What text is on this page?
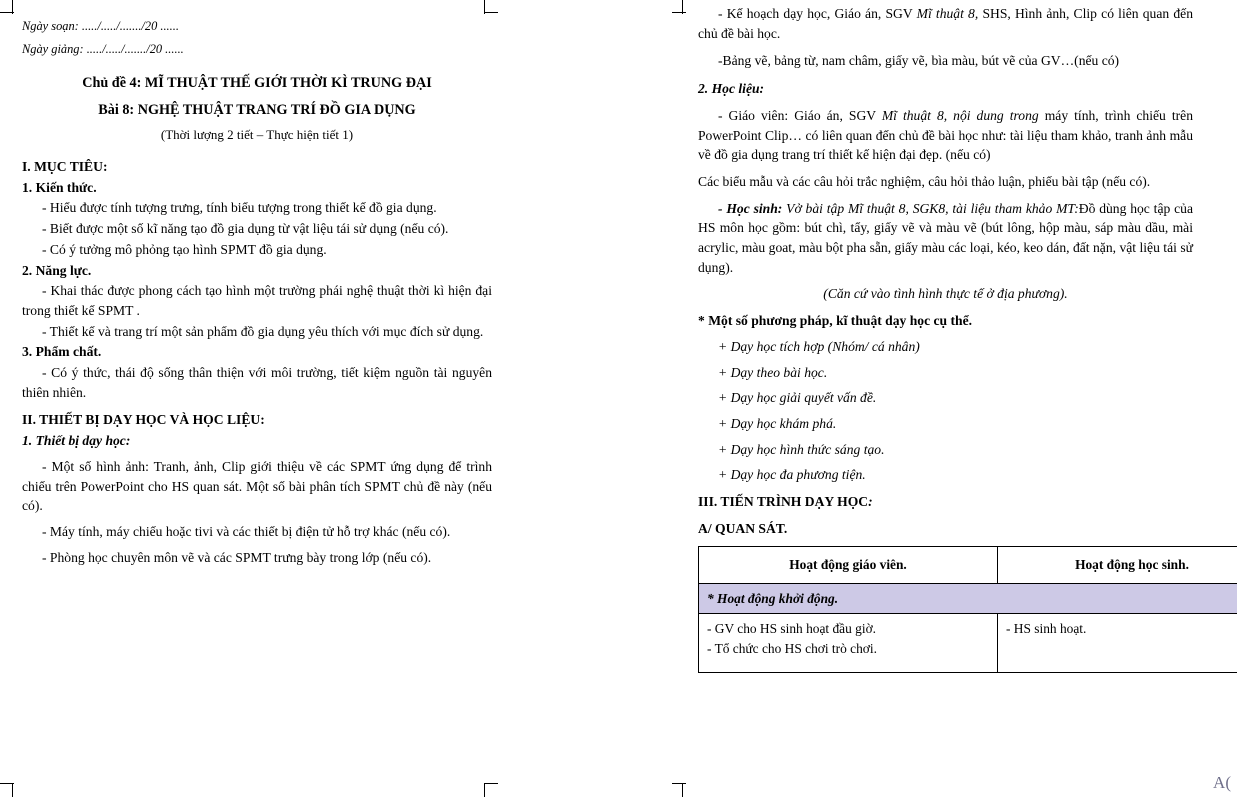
Ngày soạn: ...../...../......./20 ......

Ngày giảng: ...../...../......./20 ......

Chủ đề 4: MĨ THUẬT THẾ GIỚI THỜI KÌ TRUNG ĐẠI

Bài 8: NGHỆ THUẬT TRANG TRÍ ĐỒ GIA DỤNG

(Thời lượng 2 tiết – Thực hiện tiết 1)

I. MỤC TIÊU:

1. Kiến thức.

- Hiểu được tính tượng trưng, tính biểu tượng trong thiết kế đồ gia dụng.

- Biết được một số kĩ năng tạo đồ gia dụng từ vật liệu tái sử dụng (nếu có).

- Có ý tưởng mô phỏng tạo hình SPMT đồ gia dụng.

2. Năng lực.

- Khai thác được phong cách tạo hình một trường phái nghệ thuật thời kì hiện đại trong thiết kế SPMT .

- Thiết kế và trang trí một sản phẩm đồ gia dụng yêu thích với mục đích sử dụng.

3. Phẩm chất.

- Có ý thức, thái độ sống thân thiện với môi trường, tiết kiệm nguồn tài nguyên thiên nhiên.

II. THIẾT BỊ DẠY HỌC VÀ HỌC LIỆU:

1. Thiết bị dạy học:

- Một số hình ảnh: Tranh, ảnh, Clip giới thiệu về các SPMT ứng dụng để trình chiếu trên PowerPoint cho HS quan sát. Một số bài phân tích SPMT chủ đề này (nếu có).

- Máy tính, máy chiếu hoặc tivi và các thiết bị điện tử hỗ trợ khác (nếu có).

- Phòng học chuyên môn vẽ và các SPMT trưng bày trong lớp (nếu có).

- Kế hoạch dạy học, Giáo án, SGV Mĩ thuật 8, SHS, Hình ảnh, Clip có liên quan đến chủ đề bài học.

-Bảng vẽ, bảng từ, nam châm, giấy vẽ, bìa màu, bút vẽ của GV…(nếu có)

2. Học liệu:

- Giáo viên: Giáo án, SGV Mĩ thuật 8, nội dung trong máy tính, trình chiếu trên PowerPoint Clip… có liên quan đến chủ đề bài học như: tài liệu tham khảo, tranh ảnh mẫu về đồ gia dụng trang trí thiết kế hiện đại đẹp. (nếu có)

Các biểu mẫu và các câu hỏi trắc nghiệm, câu hỏi thảo luận, phiếu bài tập (nếu có).

- Học sinh: Vở bài tập Mĩ thuật 8, SGK8, tài liệu tham khảo MT:Đồ dùng học tập của HS môn học gồm: bút chì, tẩy, giấy vẽ và màu vẽ (bút lông, hộp màu, sáp màu dầu, mài acrylic, màu goat, màu bột pha sẵn, giấy màu các loại, kéo, keo dán, đất nặn, vật liệu tái sử dụng).

(Căn cứ vào tình hình thực tế ở địa phương).

* Một số phương pháp, kĩ thuật dạy học cụ thể.

+ Dạy học tích hợp (Nhóm/ cá nhân)

+ Dạy theo bài học.

+ Dạy học giải quyết vấn đề.

+ Dạy học khám phá.

+ Dạy học hình thức sáng tạo.

+ Dạy học đa phương tiện.

III. TIẾN TRÌNH DẠY HỌC:

A/ QUAN SÁT.

Hoạt động giáo viên.	Hoạt động học sinh.
* Hoạt động khởi động.	

- GV cho HS sinh hoạt đầu giờ.
- Tổ chức cho HS chơi trò chơi.	- HS sinh hoạt.
A(
